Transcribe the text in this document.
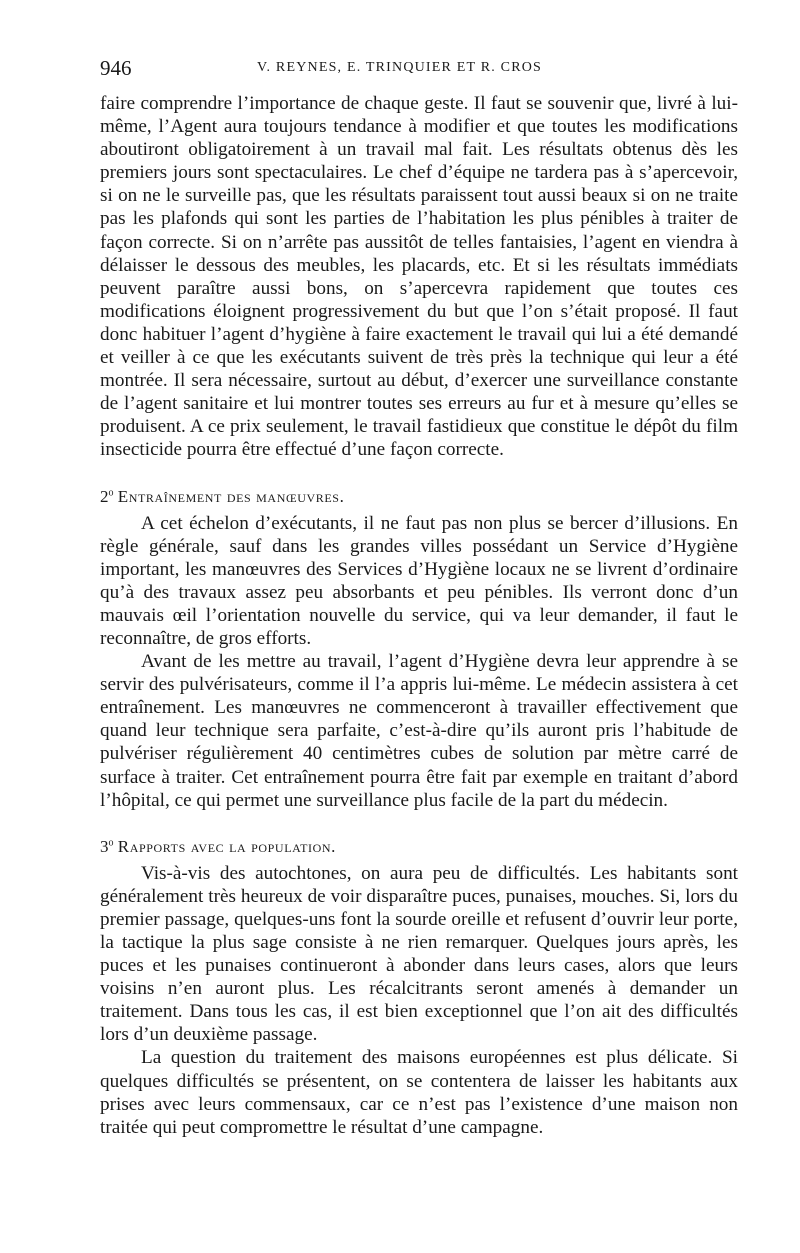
946	V. REYNES, E. TRINQUIER ET R. CROS

faire comprendre l’importance de chaque geste. Il faut se souvenir que, livré à lui-même, l’Agent aura toujours tendance à modifier et que toutes les modifications aboutiront obligatoirement à un travail mal fait. Les résultats obtenus dès les premiers jours sont spectaculaires. Le chef d’équipe ne tardera pas à s’apercevoir, si on ne le surveille pas, que les résultats paraissent tout aussi beaux si on ne traite pas les plafonds qui sont les parties de l’habitation les plus pénibles à traiter de façon correcte. Si on n’arrête pas aussitôt de telles fantaisies, l’agent en viendra à délaisser le dessous des meubles, les placards, etc. Et si les résultats immédiats peuvent paraître aussi bons, on s’apercevra rapidement que toutes ces modifications éloignent progressivement du but que l’on s’était proposé. Il faut donc habituer l’agent d’hygiène à faire exactement le travail qui lui a été demandé et veiller à ce que les exécutants suivent de très près la technique qui leur a été montrée. Il sera nécessaire, surtout au début, d’exercer une surveillance constante de l’agent sanitaire et lui montrer toutes ses erreurs au fur et à mesure qu’elles se produisent. A ce prix seulement, le travail fastidieux que constitue le dépôt du film insecticide pourra être effectué d’une façon correcte.

2$^o$ Entraînement des manœuvres.

A cet échelon d’exécutants, il ne faut pas non plus se bercer d’illusions. En règle générale, sauf dans les grandes villes possédant un Service d’Hygiène important, les manœuvres des Services d’Hygiène locaux ne se livrent d’ordinaire qu’à des travaux assez peu absorbants et peu pénibles. Ils verront donc d’un mauvais œil l’orientation nouvelle du service, qui va leur demander, il faut le reconnaître, de gros efforts.

Avant de les mettre au travail, l’agent d’Hygiène devra leur apprendre à se servir des pulvérisateurs, comme il l’a appris lui-même. Le médecin assistera à cet entraînement. Les manœuvres ne commenceront à travailler effectivement que quand leur technique sera parfaite, c’est-à-dire qu’ils auront pris l’habitude de pulvériser régulièrement 40 centimètres cubes de solution par mètre carré de surface à traiter. Cet entraînement pourra être fait par exemple en traitant d’abord l’hôpital, ce qui permet une surveillance plus facile de la part du médecin.

3$^o$ Rapports avec la population.

Vis-à-vis des autochtones, on aura peu de difficultés. Les habitants sont généralement très heureux de voir disparaître puces, punaises, mouches. Si, lors du premier passage, quelques-uns font la sourde oreille et refusent d’ouvrir leur porte, la tactique la plus sage consiste à ne rien remarquer. Quelques jours après, les puces et les punaises continueront à abonder dans leurs cases, alors que leurs voisins n’en auront plus. Les récalcitrants seront amenés à demander un traitement. Dans tous les cas, il est bien exceptionnel que l’on ait des difficultés lors d’un deuxième passage.

La question du traitement des maisons européennes est plus délicate. Si quelques difficultés se présentent, on se contentera de laisser les habitants aux prises avec leurs commensaux, car ce n’est pas l’existence d’une maison non traitée qui peut compromettre le résultat d’une campagne.
